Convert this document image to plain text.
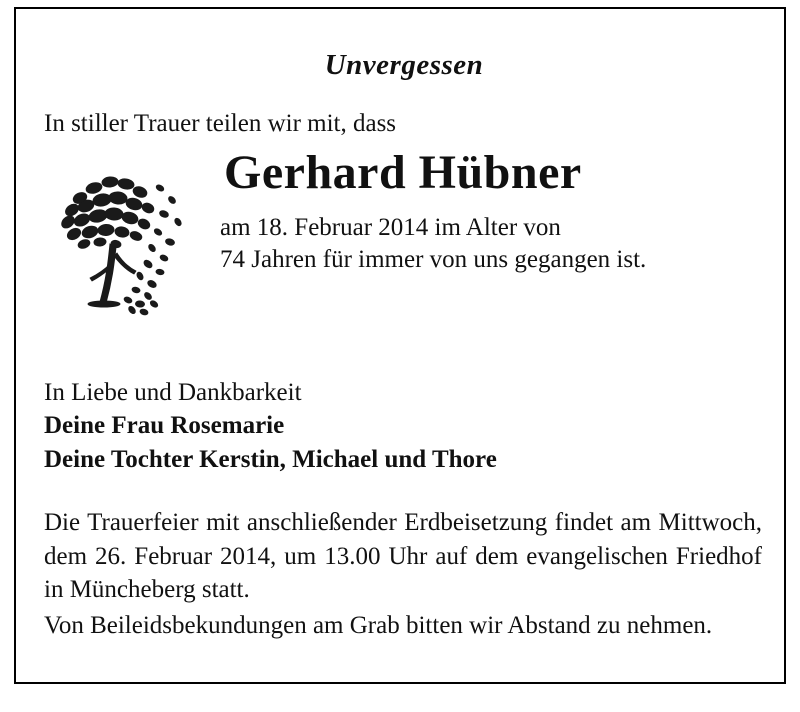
Unvergessen
In stiller Trauer teilen wir mit, dass
Gerhard Hübner
am 18. Februar 2014 im Alter von
74 Jahren für immer von uns gegangen ist.
In Liebe und Dankbarkeit
Deine Frau Rosemarie
Deine Tochter Kerstin, Michael und Thore

Die Trauerfeier mit anschließender Erdbeisetzung findet am Mittwoch, dem 26. Februar 2014, um 13.00 Uhr auf dem evangelischen Friedhof in Müncheberg statt.

Von Beileidsbekundungen am Grab bitten wir Abstand zu nehmen.
